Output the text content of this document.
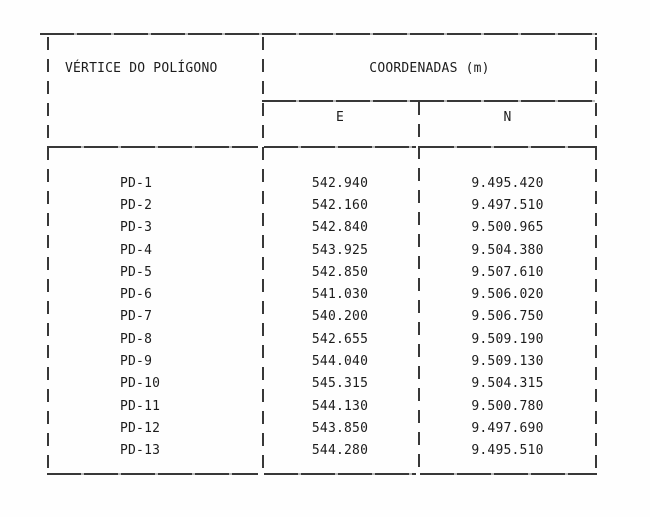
VÉRTICE DO POLÍGONO	COORDENADAS (m)
E	N
PD-1	542.940	9.495.420
PD-2	542.160	9.497.510
PD-3	542.840	9.500.965
PD-4	543.925	9.504.380
PD-5	542.850	9.507.610
PD-6	541.030	9.506.020
PD-7	540.200	9.506.750
PD-8	542.655	9.509.190
PD-9	544.040	9.509.130
PD-10	545.315	9.504.315
PD-11	544.130	9.500.780
PD-12	543.850	9.497.690
PD-13	544.280	9.495.510
